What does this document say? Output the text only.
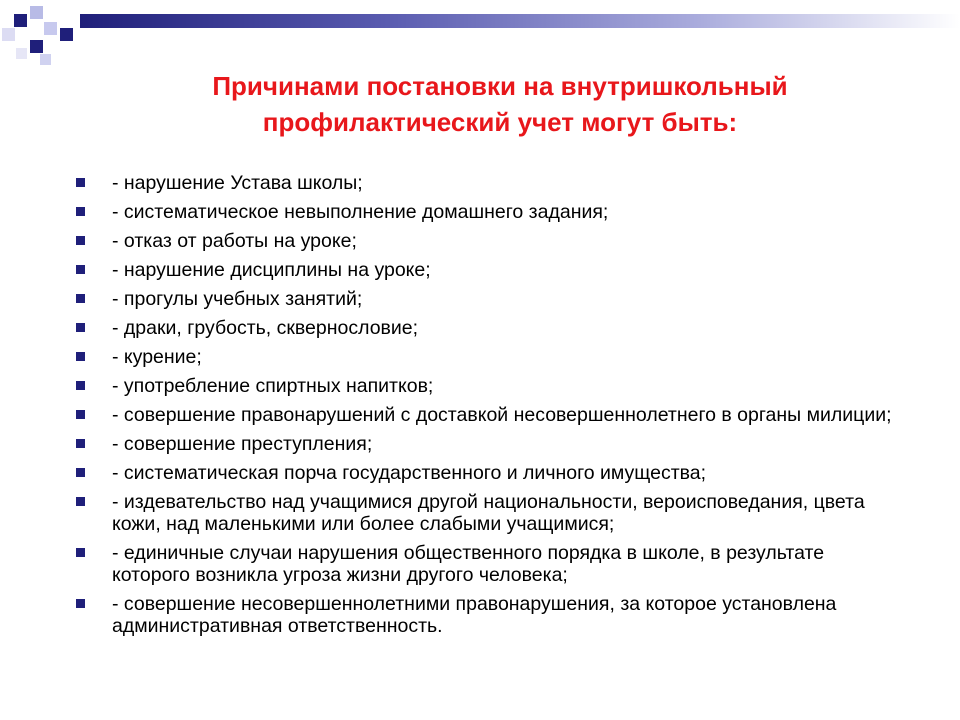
Причинами постановки на внутришкольный
профилактический учет могут быть:
- нарушение Устава школы;
- систематическое невыполнение домашнего задания;
- отказ от работы на уроке;
- нарушение дисциплины на уроке;
- прогулы учебных занятий;
- драки, грубость, сквернословие;
- курение;
- употребление спиртных напитков;
- совершение правонарушений с доставкой несовершеннолетнего в органы милиции;
- совершение преступления;
- систематическая порча государственного и личного имущества;
- издевательство над учащимися другой национальности, вероисповедания, цвета кожи, над маленькими или более слабыми учащимися;
- единичные случаи нарушения общественного порядка в школе, в результате которого возникла угроза жизни другого человека;
- совершение несовершеннолетними правонарушения, за которое установлена административная ответственность.
